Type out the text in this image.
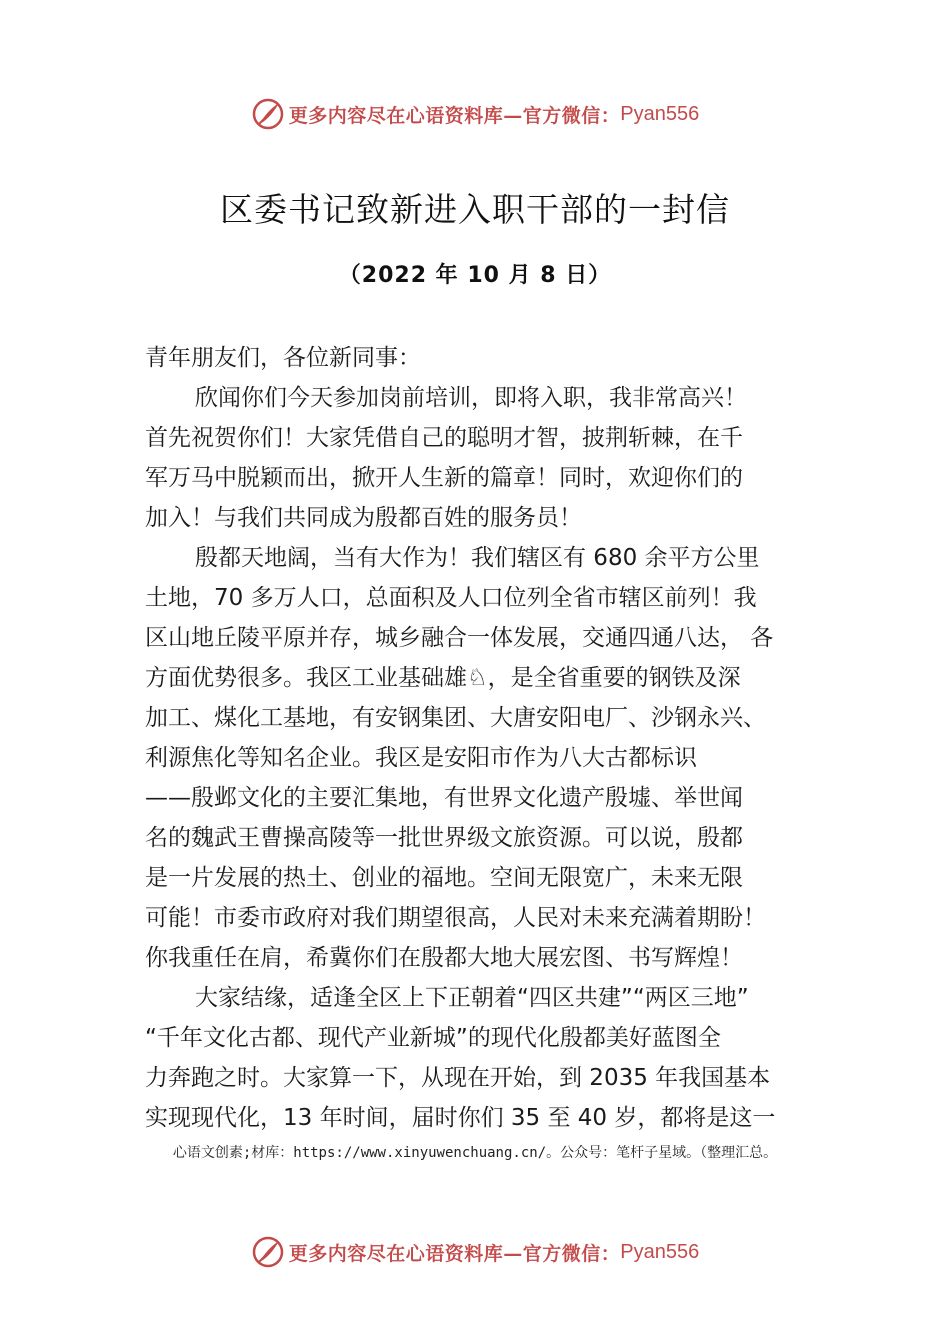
更多内容尽在心语资料库—官方微信： Pyan556
区委书记致新进入职干部的一封信
（2022 年 10 月 8 日）
青年朋友们，各位新同事：
欣闻你们今天参加岗前培训，即将入职，我非常高兴！
首先祝贺你们！大家凭借自己的聪明才智，披荆斩棘，在千
军万马中脱颖而出，掀开人生新的篇章！同时，欢迎你们的
加入！与我们共同成为殷都百姓的服务员！
殷都天地阔，当有大作为！我们辖区有 680 余平方公里
土地，70 多万人口，总面积及人口位列全省市辖区前列！我
区山地丘陵平原并存，城乡融合一体发展，交通四通八达， 各
方面优势很多。我区工业基础雄♘，是全省重要的钢铁及深
加工、煤化工基地，有安钢集团、大唐安阳电厂、沙钢永兴、
利源焦化等知名企业。我区是安阳市作为八大古都标识
——殷邺文化的主要汇集地，有世界文化遗产殷墟、举世闻
名的魏武王曹操高陵等一批世界级文旅资源。可以说，殷都
是一片发展的热土、创业的福地。空间无限宽广，未来无限
可能！市委市政府对我们期望很高，人民对未来充满着期盼！
你我重任在肩，希冀你们在殷都大地大展宏图、书写辉煌！
大家结缘，适逢全区上下正朝着“四区共建”“两区三地”
“千年文化古都、现代产业新城”的现代化殷都美好蓝图全
力奔跑之时。大家算一下，从现在开始，到 2035 年我国基本
实现现代化，13 年时间，届时你们 35 至 40 岁，都将是这一
心语文创素;材库：https://www.xinyuwenchuang.cn/。公众号：笔杆子星域。（整理汇总。
更多内容尽在心语资料库—官方微信： Pyan556
